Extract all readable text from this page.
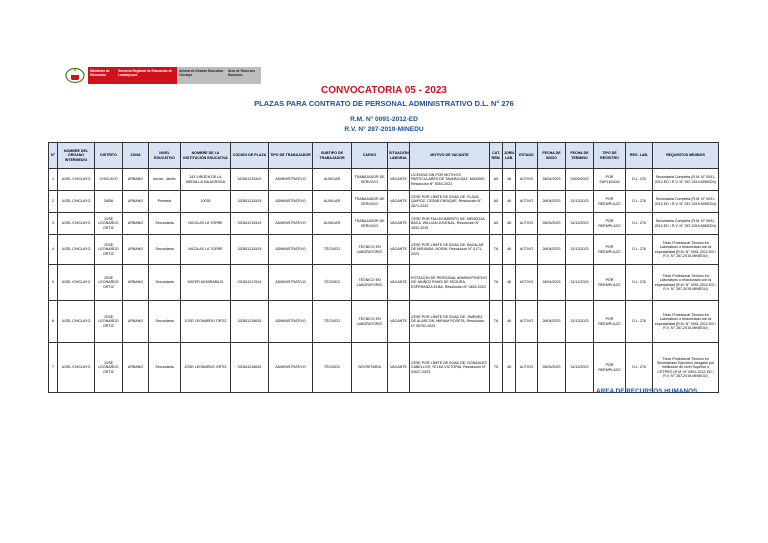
Ministerio de Educación
Gerencia Regional de Educación de Lambayeque
Unidad de Gestión Educativa Chiclayo
Área de Recursos Humanos
CONVOCATORIA 05 - 2023
PLAZAS PARA CONTRATO DE PERSONAL ADMINISTRATIVO D.L. N° 276
R.M. N° 0091-2012-ED
R.V. N° 287-2019-MINEDU
N°	NOMBRE DEL ÓRGANO INTERMEDIO	DISTRITO	ZONA	NIVEL EDUCATIVO	NOMBRE DE LA INSTITUCIÓN EDUCATIVA	CODIGO DE PLAZA	TIPO DE TRABAJADOR	SUBTIPO DE TRABAJADOR	CARGO	SITUACIÓN LABORAL	MOTIVO DE VACANTE	CAT. REM.	JORN. LAB.	ESTADO	FECHA DE INICIO	FECHA DE TERMINO	TIPO DE REGISTRO	REG. LAB.	REQUISITOS MÍNIMOS
1	UGEL CHICLAYO	CHICLAYO	URBANO	Inicial - Jardín	343 VIRGEN DE LA MEDALLA MILAGROSA	020811215410	ADMINISTRATIVO	AUXILIAR	TRABAJADOR DE SERVICIO	VACANTE	LICENCIA SIN POR MOTIVOS PARTICULARES DE TAVARA DÍAZ, MAXIMO, Resolución N° 5054-2023	A5	48	ACTIVO	28/04/2023	03/09/2023	POR SUPLENCIA	D.L. 276	Secundaria Completa (R.M. N° 0091-2012-ED / R.V. N° 287-2019-MINEDU)
2	UGEL CHICLAYO	ZAÑA	URBANO	Primaria	10035	020811215419	ADMINISTRATIVO	AUXILIAR	TRABAJADOR DE SERVICIO	VACANTE	CESE POR LÍMITE DE EDAD DE: PLAZA QUIROZ, CESAR ENRIQUE, Resolución N° 2871-2022	A5	48	ACTIVO	28/04/2023	31/12/2023	POR REEMPLAZO	D.L. 276	Secundaria Completa (R.M. N° 0091-2012-ED / R.V. N° 287-2019-MINEDU)
3	UGEL CHICLAYO	JOSE LEONARDO ORTIZ	URBANO	Secundaria	NICOLAS LA TORRE	020811215419	ADMINISTRATIVO	AUXILIAR	TRABAJADOR DE SERVICIO	VACANTE	CESE POR FALLECIMIENTO DE: MENDOZA BACA, WILLIAM JUVENAL, Resolución N° 4532-2019	A5	48	ACTIVO	28/04/2023	31/12/2023	POR REEMPLAZO	D.L. 276	Secundaria Completa (R.M. N° 0091-2012-ED / R.V. N° 287-2019-MINEDU)
4	UGEL CHICLAYO	JOSE LEONARDO ORTIZ	URBANO	Secundaria	NICOLAS LA TORRE	020811215419	ADMINISTRATIVO	TÉCNICO	TÉCNICO EN LABORATORIO	VACANTE	CESE POR LÍMITE DE EDAD DE: BAZALAR DE MIRANDA, NOEMI, Resolución N° 0171-2023	T6	48	ACTIVO	28/04/2023	31/12/2023	POR REEMPLAZO	D.L. 276	Título Profesional Técnico en Laboratorio o relacionado con la especialidad (R.M. N° 0091-2012-ED / R.V. N° 287-2019-MINEDU)
5	UGEL CHICLAYO	JOSE LEONARDO ORTIZ	URBANO	Secundaria	MATER ADMIRABILIS	020811217614	ADMINISTRATIVO	TÉCNICO	TÉCNICO EN LABORATORIO	VACANTE	ROTACIÓN DE PERSONAL ADMINISTRATIVO DE: MUÑOZ RIVAS DE SEGURA, ESPERANZA ELBA, Resolución N° 0453-2023	T6	48	ACTIVO	28/04/2023	31/12/2023	POR REEMPLAZO	D.L. 276	Título Profesional Técnico en Laboratorio o relacionado con la especialidad (R.M. N° 0091-2012-ED / R.V. N° 287-2019-MINEDU)
6	UGEL CHICLAYO	JOSE LEONARDO ORTIZ	URBANO	Secundaria	JOSE LEONARDO ORTIZ	020811218615	ADMINISTRATIVO	TÉCNICO	TÉCNICO EN LABORATORIO	VACANTE	CESE POR LÍMITE DE EDAD DE: JIMENEZ DE ALARCON, MIRIAM ROSETA, Resolución N° 05702-2023	T6	48	ACTIVO	28/04/2023	31/12/2023	POR REEMPLAZO	D.L. 276	Título Profesional Técnico en Laboratorio o relacionado con la especialidad (R.M. N° 0091-2012-ED / R.V. N° 287-2019-MINEDU)
7	UGEL CHICLAYO	JOSE LEONARDO ORTIZ	URBANO	Secundaria	JOSE LEONARDO ORTIZ	020811218615	ADMINISTRATIVO	TÉCNICO	SECRETARIA	VACANTE	CESE POR LÍMITE DE EDAD DE: GONZALES CABELLOS, YELKA VICTORIA, Resolución N° 03027-2023	T5	48	ACTIVO	28/04/2023	31/12/2023	POR REEMPLAZO	D.L. 276	Título Profesional Técnico en Secretariado Ejecutivo otorgado por Institución de nivel Superior o CETPRO (R.M. N° 0091-2012-ED / R.V. N° 287-2019-MINEDU)
AREA DE RECURSOS HUMANOS
